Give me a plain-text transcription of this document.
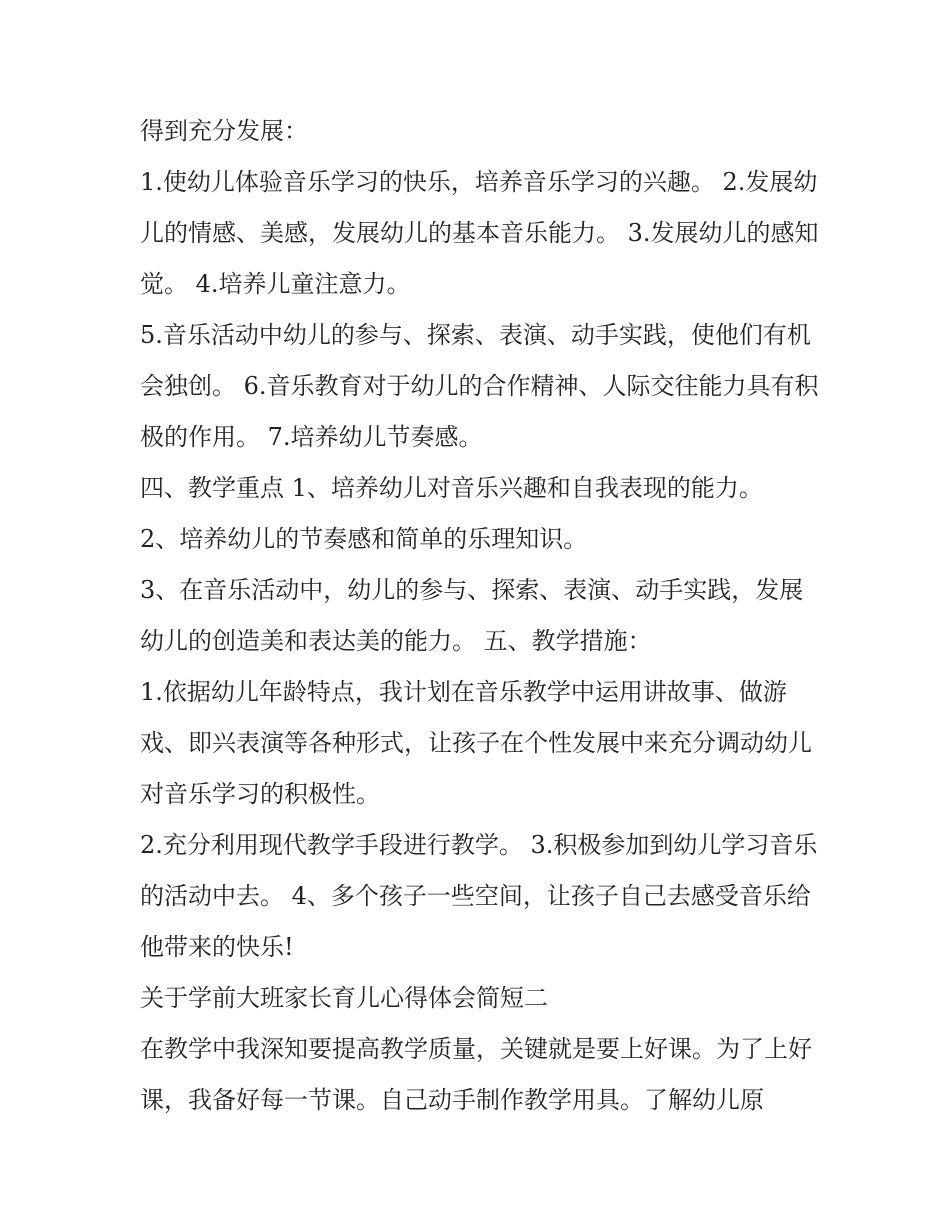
得到充分发展：

1.使幼儿体验音乐学习的快乐，培养音乐学习的兴趣。 2.发展幼儿的情感、美感，发展幼儿的基本音乐能力。 3.发展幼儿的感知觉。 4.培养儿童注意力。

5.音乐活动中幼儿的参与、探索、表演、动手实践，使他们有机会独创。 6.音乐教育对于幼儿的合作精神、人际交往能力具有积极的作用。 7.培养幼儿节奏感。

四、教学重点 1、培养幼儿对音乐兴趣和自我表现的能力。

2、培养幼儿的节奏感和简单的乐理知识。

3、在音乐活动中，幼儿的参与、探索、表演、动手实践，发展幼儿的创造美和表达美的能力。 五、教学措施：

1.依据幼儿年龄特点，我计划在音乐教学中运用讲故事、做游戏、即兴表演等各种形式，让孩子在个性发展中来充分调动幼儿对音乐学习的积极性。

2.充分利用现代教学手段进行教学。 3.积极参加到幼儿学习音乐的活动中去。 4、多个孩子一些空间，让孩子自己去感受音乐给他带来的快乐!

关于学前大班家长育儿心得体会简短二

在教学中我深知要提高教学质量，关键就是要上好课。为了上好课，我备好每一节课。自己动手制作教学用具。了解幼儿原
